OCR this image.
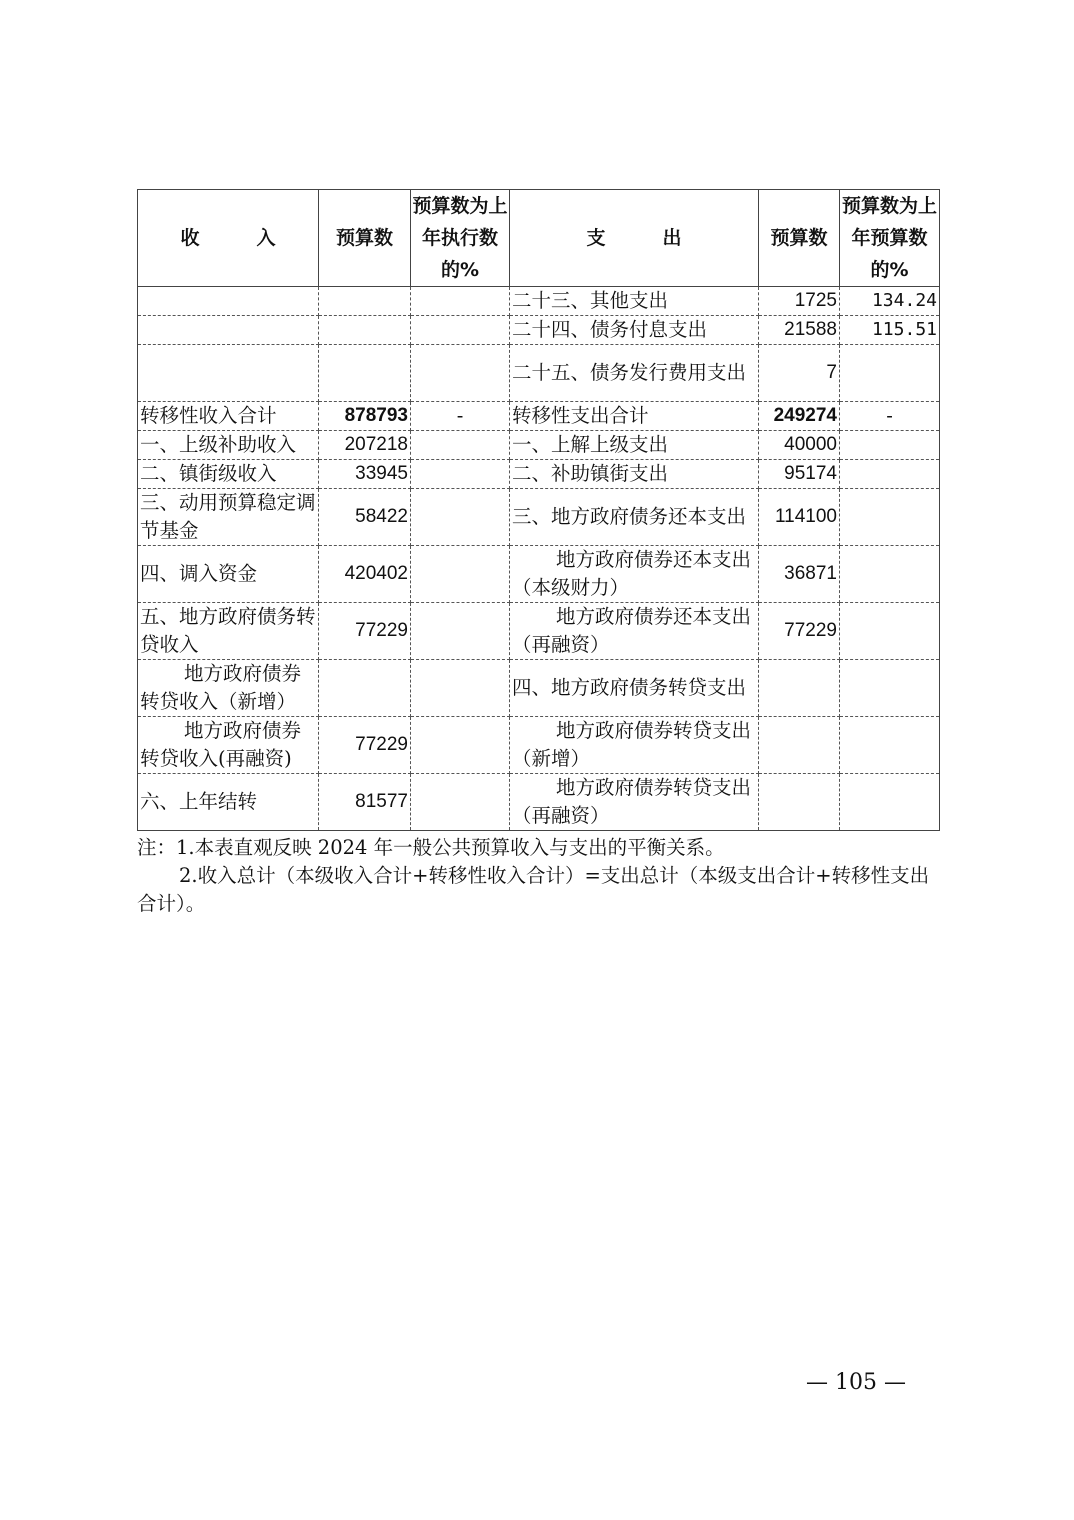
收　　　入	预算数	预算数为上年执行数的%	支　　　出	预算数	预算数为上年预算数的%
			二十三、其他支出	1725	134.24
			二十四、债务付息支出	21588	115.51
			二十五、债务发行费用支出	7	
转移性收入合计	878793	-	转移性支出合计	249274	-
一、上级补助收入	207218		一、上解上级支出	40000	
二、镇街级收入	33945		二、补助镇街支出	95174	
三、动用预算稳定调节基金	58422		三、地方政府债务还本支出	114100	
四、调入资金	420402		地方政府债券还本支出（本级财力）	36871	
五、地方政府债务转贷收入	77229		地方政府债券还本支出（再融资）	77229	
地方政府债券转贷收入（新增）			四、地方政府债务转贷支出		
地方政府债券转贷收入(再融资)	77229		地方政府债券转贷支出（新增）		
六、上年结转	81577		地方政府债券转贷支出（再融资）		

注：1.本表直观反映 2024 年一般公共预算收入与支出的平衡关系。

2.收入总计（本级收入合计+转移性收入合计）=支出总计（本级支出合计+转移性支出合计）。

— 105 —
